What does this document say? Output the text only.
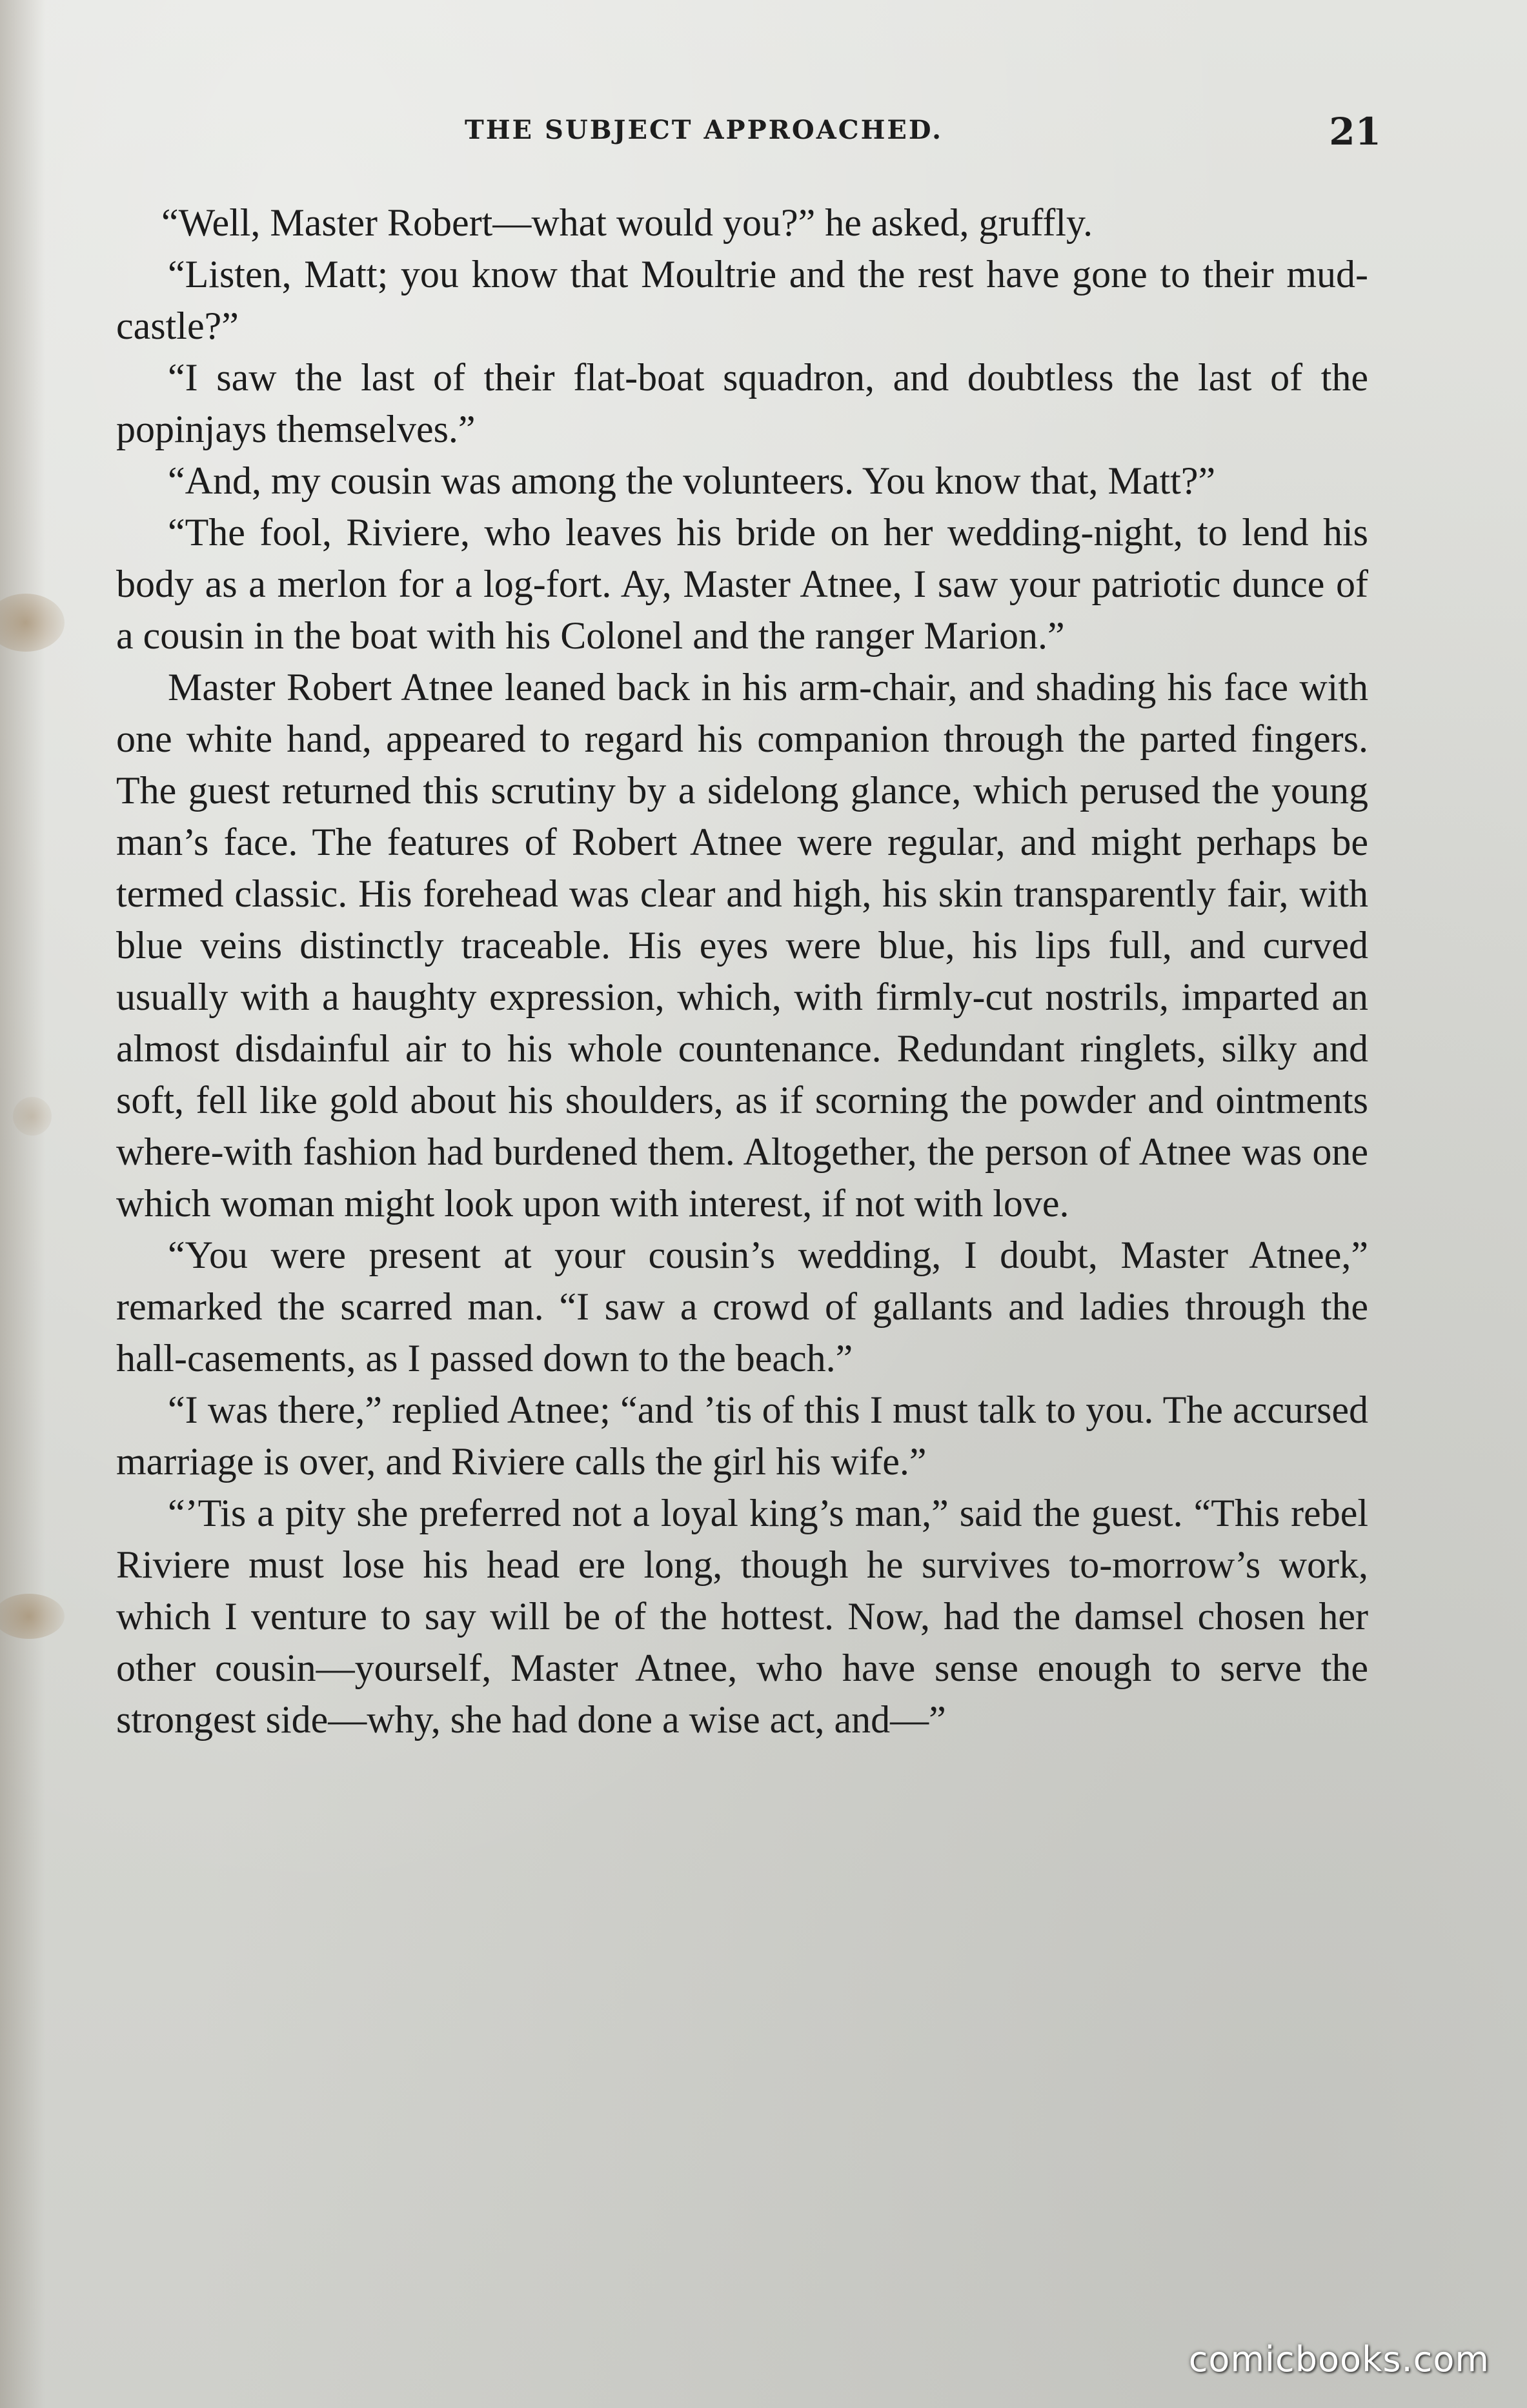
THE SUBJECT APPROACHED.	21

“Well, Master Robert—what would you?” he asked, gruffly.

“Listen, Matt; you know that Moultrie and the rest have gone to their mud-castle?”

“I saw the last of their flat-boat squadron, and doubtless the last of the popinjays themselves.”

“And, my cousin was among the volunteers. You know that, Matt?”

“The fool, Riviere, who leaves his bride on her wedding-night, to lend his body as a merlon for a log-fort. Ay, Master Atnee, I saw your patriotic dunce of a cousin in the boat with his Colonel and the ranger Marion.”

Master Robert Atnee leaned back in his arm-chair, and shading his face with one white hand, appeared to regard his companion through the parted fingers. The guest returned this scrutiny by a sidelong glance, which perused the young man’s face. The features of Robert Atnee were regular, and might perhaps be termed classic. His forehead was clear and high, his skin transparently fair, with blue veins distinctly traceable. His eyes were blue, his lips full, and curved usually with a haughty expression, which, with firmly-cut nostrils, imparted an almost disdainful air to his whole countenance. Redundant ringlets, silky and soft, fell like gold about his shoulders, as if scorning the powder and ointments where-with fashion had burdened them. Altogether, the person of Atnee was one which woman might look upon with interest, if not with love.

“You were present at your cousin’s wedding, I doubt, Master Atnee,” remarked the scarred man. “I saw a crowd of gallants and ladies through the hall-casements, as I passed down to the beach.”

“I was there,” replied Atnee; “and ’tis of this I must talk to you. The accursed marriage is over, and Riviere calls the girl his wife.”

“’Tis a pity she preferred not a loyal king’s man,” said the guest. “This rebel Riviere must lose his head ere long, though he survives to-morrow’s work, which I venture to say will be of the hottest. Now, had the damsel chosen her other cousin—yourself, Master Atnee, who have sense enough to serve the strongest side—why, she had done a wise act, and—”

comicbooks.com
